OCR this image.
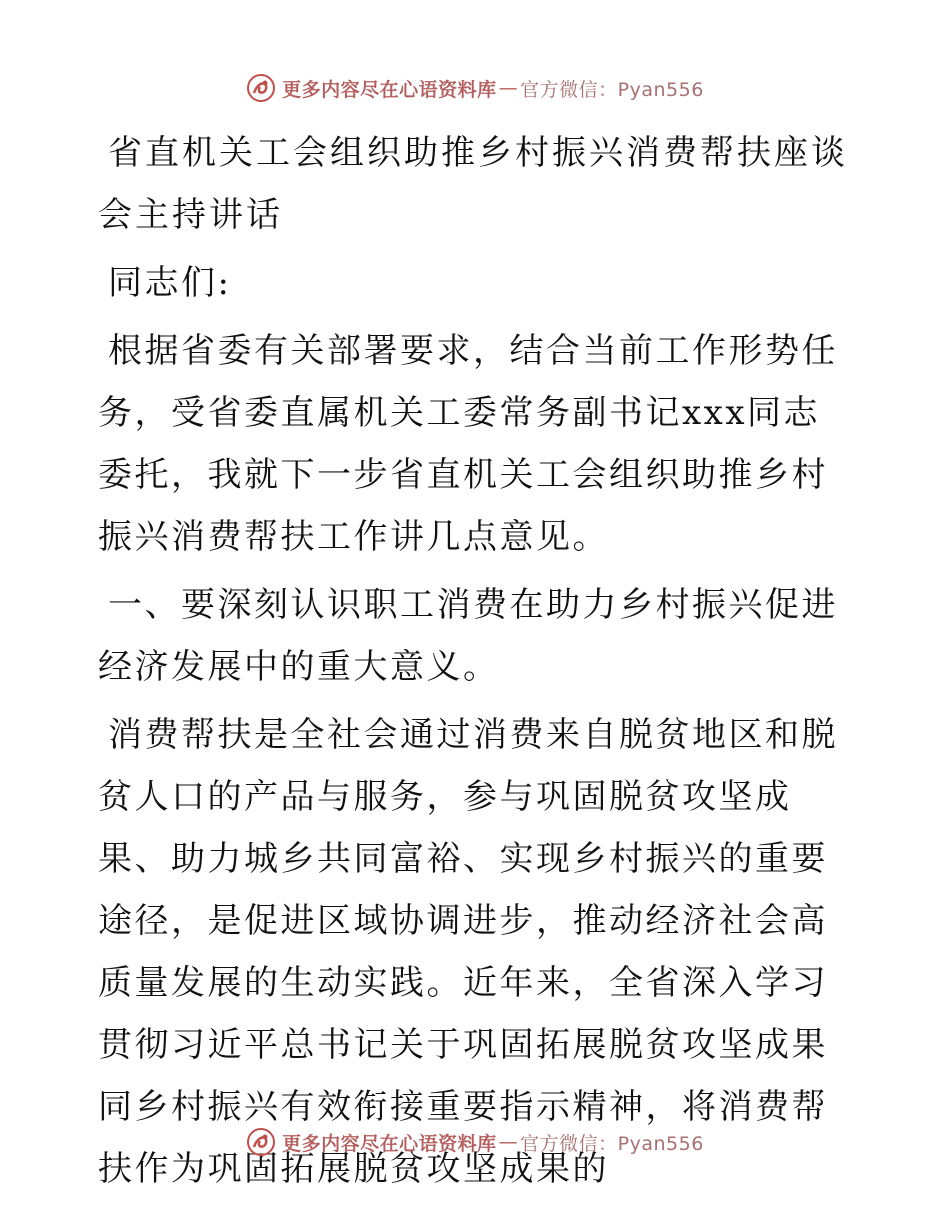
更多内容尽在心语资料库 — 官方微信：Pyan556

省直机关工会组织助推乡村振兴消费帮扶座谈会主持讲话

同志们:

根据省委有关部署要求，结合当前工作形势任务，受省委直属机关工委常务副书记xxx同志委托，我就下一步省直机关工会组织助推乡村振兴消费帮扶工作讲几点意见。

一、要深刻认识职工消费在助力乡村振兴促进经济发展中的重大意义。

消费帮扶是全社会通过消费来自脱贫地区和脱贫人口的产品与服务，参与巩固脱贫攻坚成果、助力城乡共同富裕、实现乡村振兴的重要途径，是促进区域协调进步，推动经济社会高质量发展的生动实践。近年来，全省深入学习贯彻习近平总书记关于巩固拓展脱贫攻坚成果同乡村振兴有效衔接重要指示精神，将消费帮扶作为巩固拓展脱贫攻坚成果的

更多内容尽在心语资料库 — 官方微信：Pyan556
